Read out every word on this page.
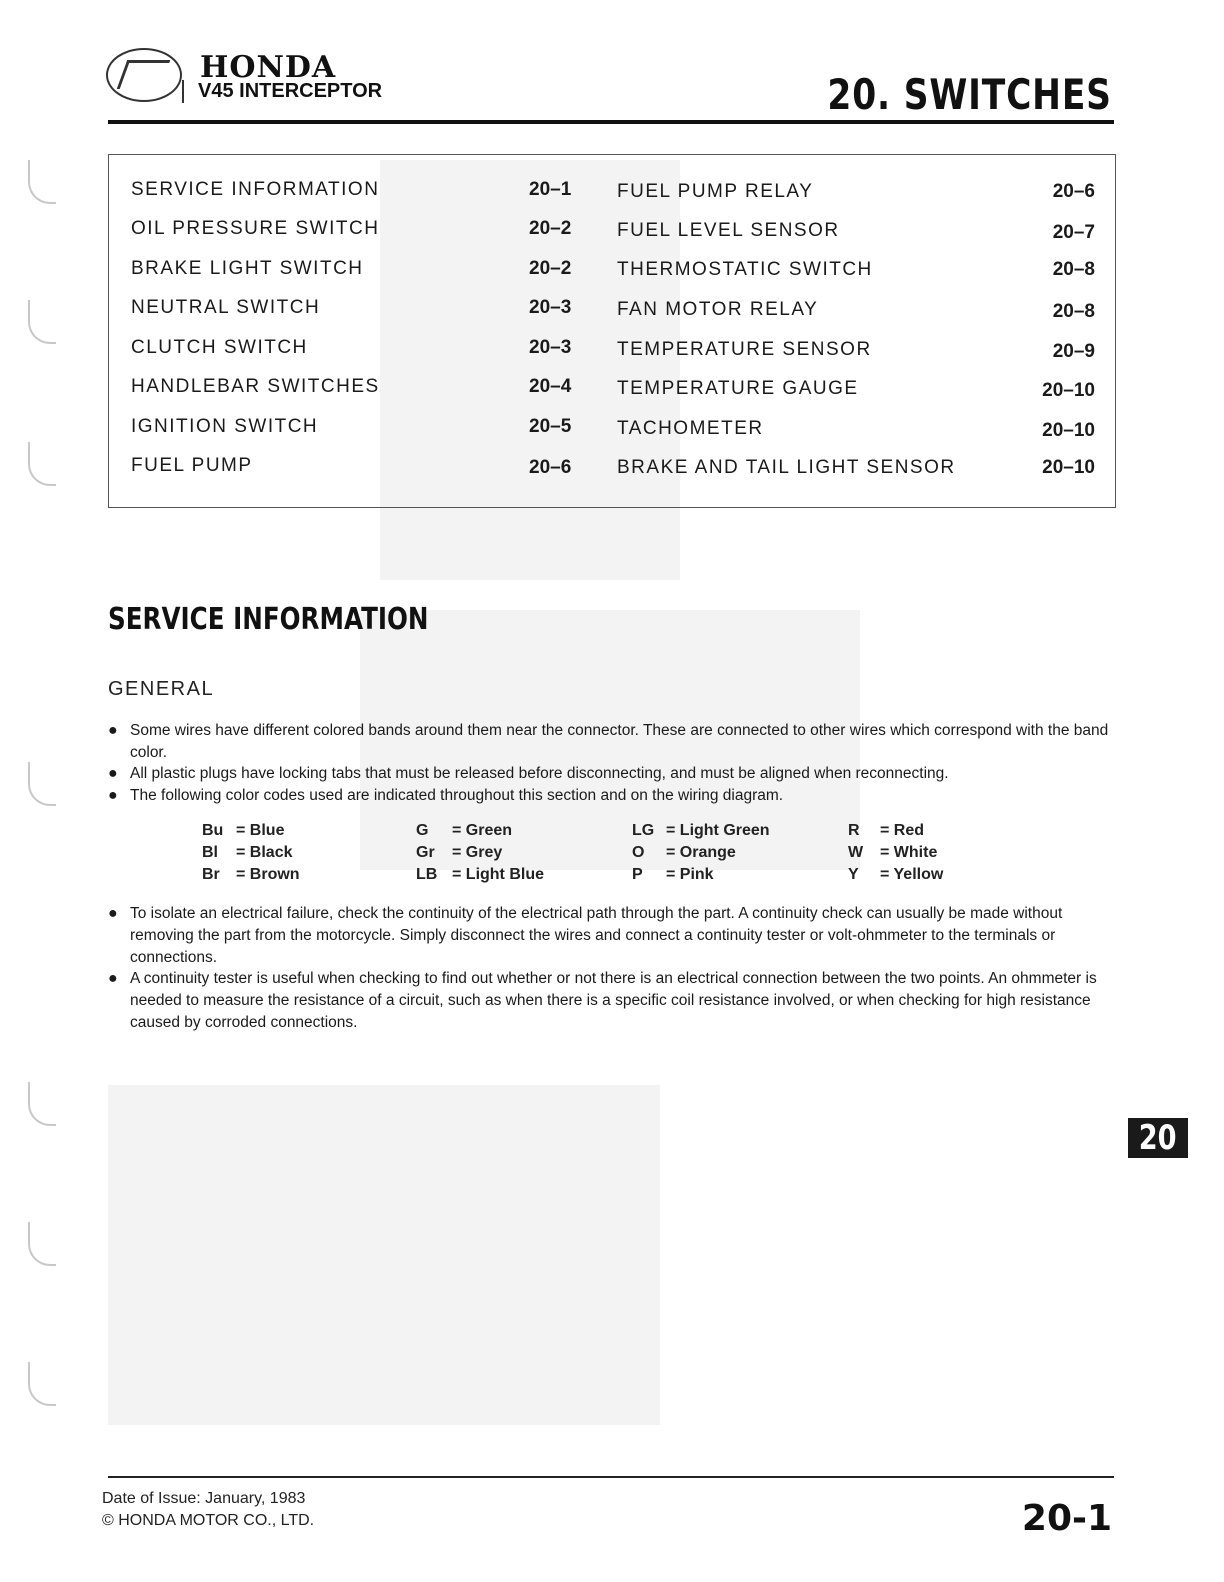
HONDA
V45 INTERCEPTOR	20. SWITCHES
SERVICE INFORMATION	20–1 FUEL PUMP RELAY	20–6
OIL PRESSURE SWITCH	20–2 FUEL LEVEL SENSOR	20–7
BRAKE LIGHT SWITCH	20–2 THERMOSTATIC SWITCH	20–8
NEUTRAL SWITCH	20–3 FAN MOTOR RELAY	20–8
CLUTCH SWITCH	20–3 TEMPERATURE SENSOR	20–9
HANDLEBAR SWITCHES	20–4 TEMPERATURE GAUGE	20–10
IGNITION SWITCH	20–5 TACHOMETER	20–10
FUEL PUMP	20–6 BRAKE AND TAIL LIGHT SENSOR	20–10
SERVICE INFORMATION
GENERAL
● Some wires have different colored bands around them near the connector. These are connected to other wires which correspond with the band color.
● All plastic plugs have locking tabs that must be released before disconnecting, and must be aligned when reconnecting.
● The following color codes used are indicated throughout this section and on the wiring diagram.
Bu = Blue
Bl = Black
Br = Brown
G = Green
Gr = Grey
LB = Light Blue
LG = Light Green
O = Orange
P = Pink
R = Red
W = White
Y = Yellow
● To isolate an electrical failure, check the continuity of the electrical path through the part. A continuity check can usually be made without removing the part from the motorcycle. Simply disconnect the wires and connect a continuity tester or volt-ohmmeter to the terminals or connections.
● A continuity tester is useful when checking to find out whether or not there is an electrical connection between the two points. An ohmmeter is needed to measure the resistance of a circuit, such as when there is a specific coil resistance involved, or when checking for high resistance caused by corroded connections.
20
Date of Issue: January, 1983
© HONDA MOTOR CO., LTD.	20-1
